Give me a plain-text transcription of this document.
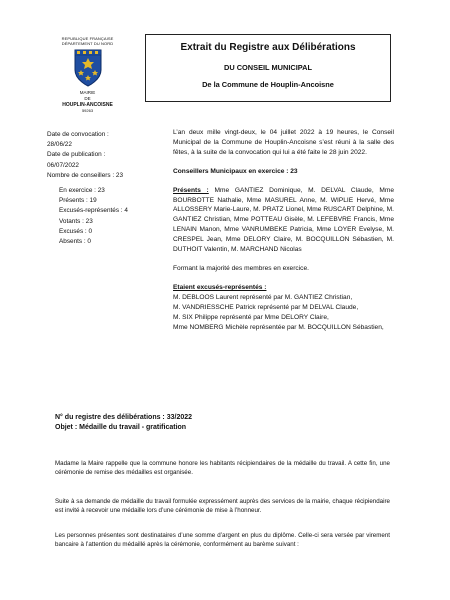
REPUBLIQUE FRANÇAISE
DÉPARTEMENT DU NORD
MAIRIE
DE
HOUPLIN-ANCOISNE
59263
Extrait du Registre aux Délibérations
DU CONSEIL MUNICIPAL
De la Commune de Houplin-Ancoisne
Date de convocation :
28/06/22
Date de publication :
06/07/2022
Nombre de conseillers : 23
En exercice : 23
Présents : 19
Excusés-représentés : 4
Votants : 23
Excusés : 0
Absents : 0

L’an deux mille vingt-deux, le 04 juillet 2022 à 19 heures, le Conseil Municipal de la Commune de Houplin-Ancoisne s’est réuni à la salle des fêtes, à la suite de la convocation qui lui a été faite le 28 juin 2022.

Conseillers Municipaux en exercice : 23

Présents : Mme GANTIEZ Dominique, M. DELVAL Claude, Mme BOURBOTTE Nathalie, Mme MASUREL Anne, M. WIPLIE Hervé, Mme ALLOSSERY Marie-Laure, M. PRATZ Lionel, Mme RUSCART Delphine, M. GANTIEZ Christian, Mme POTTEAU Gisèle, M. LEFEBVRE Francis, Mme LENAIN Manon, Mme VANRUMBEKE Patricia, Mme LOYER Evelyse, M. CRESPEL Jean, Mme DELORY Claire, M. BOCQUILLON Sébastien, M. DUTHOIT Valentin, M. MARCHAND Nicolas

Formant la majorité des membres en exercice.

Etaient excusés-représentés :

M. DEBLOOS Laurent représenté par M. GANTIEZ Christian,

M. VANDRIESSCHE Patrick représenté par M DELVAL Claude,

M. SIX Philippe représenté par Mme DELORY Claire,

Mme NOMBERG Michèle représentée par M. BOCQUILLON Sébastien,

N° du registre des délibérations : 33/2022
Objet : Médaille du travail - gratification

Madame la Maire rappelle que la commune honore les habitants récipiendaires de la médaille du travail. A cette fin, une cérémonie de remise des médailles est organisée.

Suite à sa demande de médaille du travail formulée expressément auprès des services de la mairie, chaque récipiendaire est invité à recevoir une médaille lors d’une cérémonie de mise à l’honneur.

Les personnes présentes sont destinataires d’une somme d’argent en plus du diplôme. Celle-ci sera versée par virement bancaire à l’attention du médaillé après la cérémonie, conformément au barème suivant :
